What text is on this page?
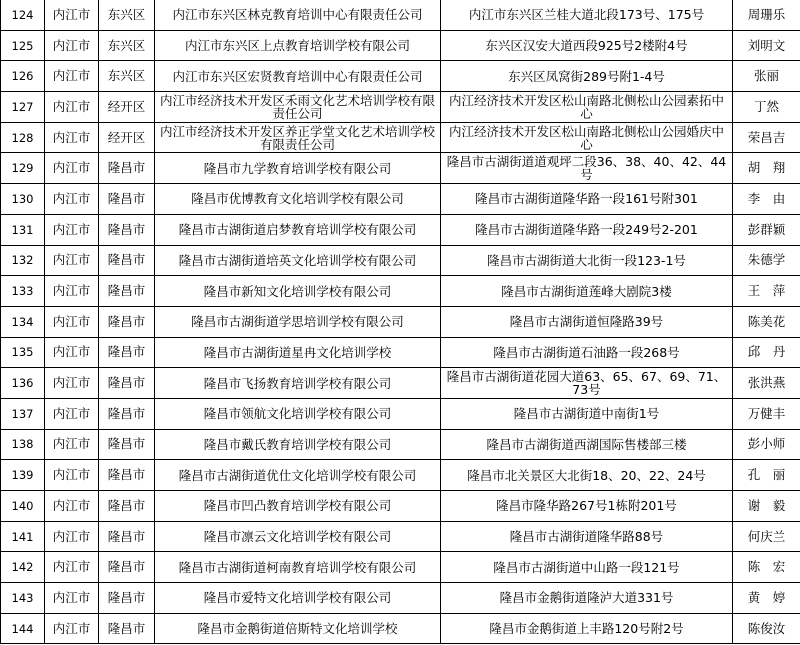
124	内江市	东兴区	内江市东兴区林克教育培训中心有限责任公司	内江市东兴区兰桂大道北段173号、175号	周珊乐
125	内江市	东兴区	内江市东兴区上点教育培训学校有限公司	东兴区汉安大道西段925号2楼附4号	刘明文
126	内江市	东兴区	内江市东兴区宏贤教育培训中心有限责任公司	东兴区凤窝街289号附1-4号	张丽
127	内江市	经开区	内江市经济技术开发区禾雨文化艺术培训学校有限责任公司	内江经济技术开发区松山南路北侧松山公园素拓中心	丁然
128	内江市	经开区	内江市经济技术开发区养正学堂文化艺术培训学校有限责任公司	内江经济技术开发区松山南路北侧松山公园婚庆中心	荣昌吉
129	内江市	隆昌市	隆昌市九学教育培训学校有限公司	隆昌市古湖街道道观坪二段36、38、40、42、44号	胡　翔
130	内江市	隆昌市	隆昌市优博教育文化培训学校有限公司	隆昌市古湖街道隆华路一段161号附301	李　由
131	内江市	隆昌市	隆昌市古湖街道启梦教育培训学校有限公司	隆昌市古湖街道隆华路一段249号2-201	彭群颖
132	内江市	隆昌市	隆昌市古湖街道培英文化培训学校有限公司	隆昌市古湖街道大北街一段123-1号	朱德学
133	内江市	隆昌市	隆昌市新知文化培训学校有限公司	隆昌市古湖街道莲峰大剧院3楼	王　萍
134	内江市	隆昌市	隆昌市古湖街道学思培训学校有限公司	隆昌市古湖街道恒隆路39号	陈美花
135	内江市	隆昌市	隆昌市古湖街道星冉文化培训学校	隆昌市古湖街道石油路一段268号	邱　丹
136	内江市	隆昌市	隆昌市飞扬教育培训学校有限公司	隆昌市古湖街道花园大道63、65、67、69、71、73号	张洪燕
137	内江市	隆昌市	隆昌市领航文化培训学校有限公司	隆昌市古湖街道中南街1号	万健丰
138	内江市	隆昌市	隆昌市戴氏教育培训学校有限公司	隆昌市古湖街道西湖国际售楼部三楼	彭小师
139	内江市	隆昌市	隆昌市古湖街道优仕文化培训学校有限公司	隆昌市北关景区大北街18、20、22、24号	孔　丽
140	内江市	隆昌市	隆昌市凹凸教育培训学校有限公司	隆昌市隆华路267号1栋附201号	谢　毅
141	内江市	隆昌市	隆昌市凛云文化培训学校有限公司	隆昌市古湖街道隆华路88号	何庆兰
142	内江市	隆昌市	隆昌市古湖街道柯南教育培训学校有限公司	隆昌市古湖街道中山路一段121号	陈　宏
143	内江市	隆昌市	隆昌市爱特文化培训学校有限公司	隆昌市金鹅街道隆泸大道331号	黄　婷
144	内江市	隆昌市	隆昌市金鹅街道倍斯特文化培训学校	隆昌市金鹅街道上丰路120号附2号	陈俊汝
